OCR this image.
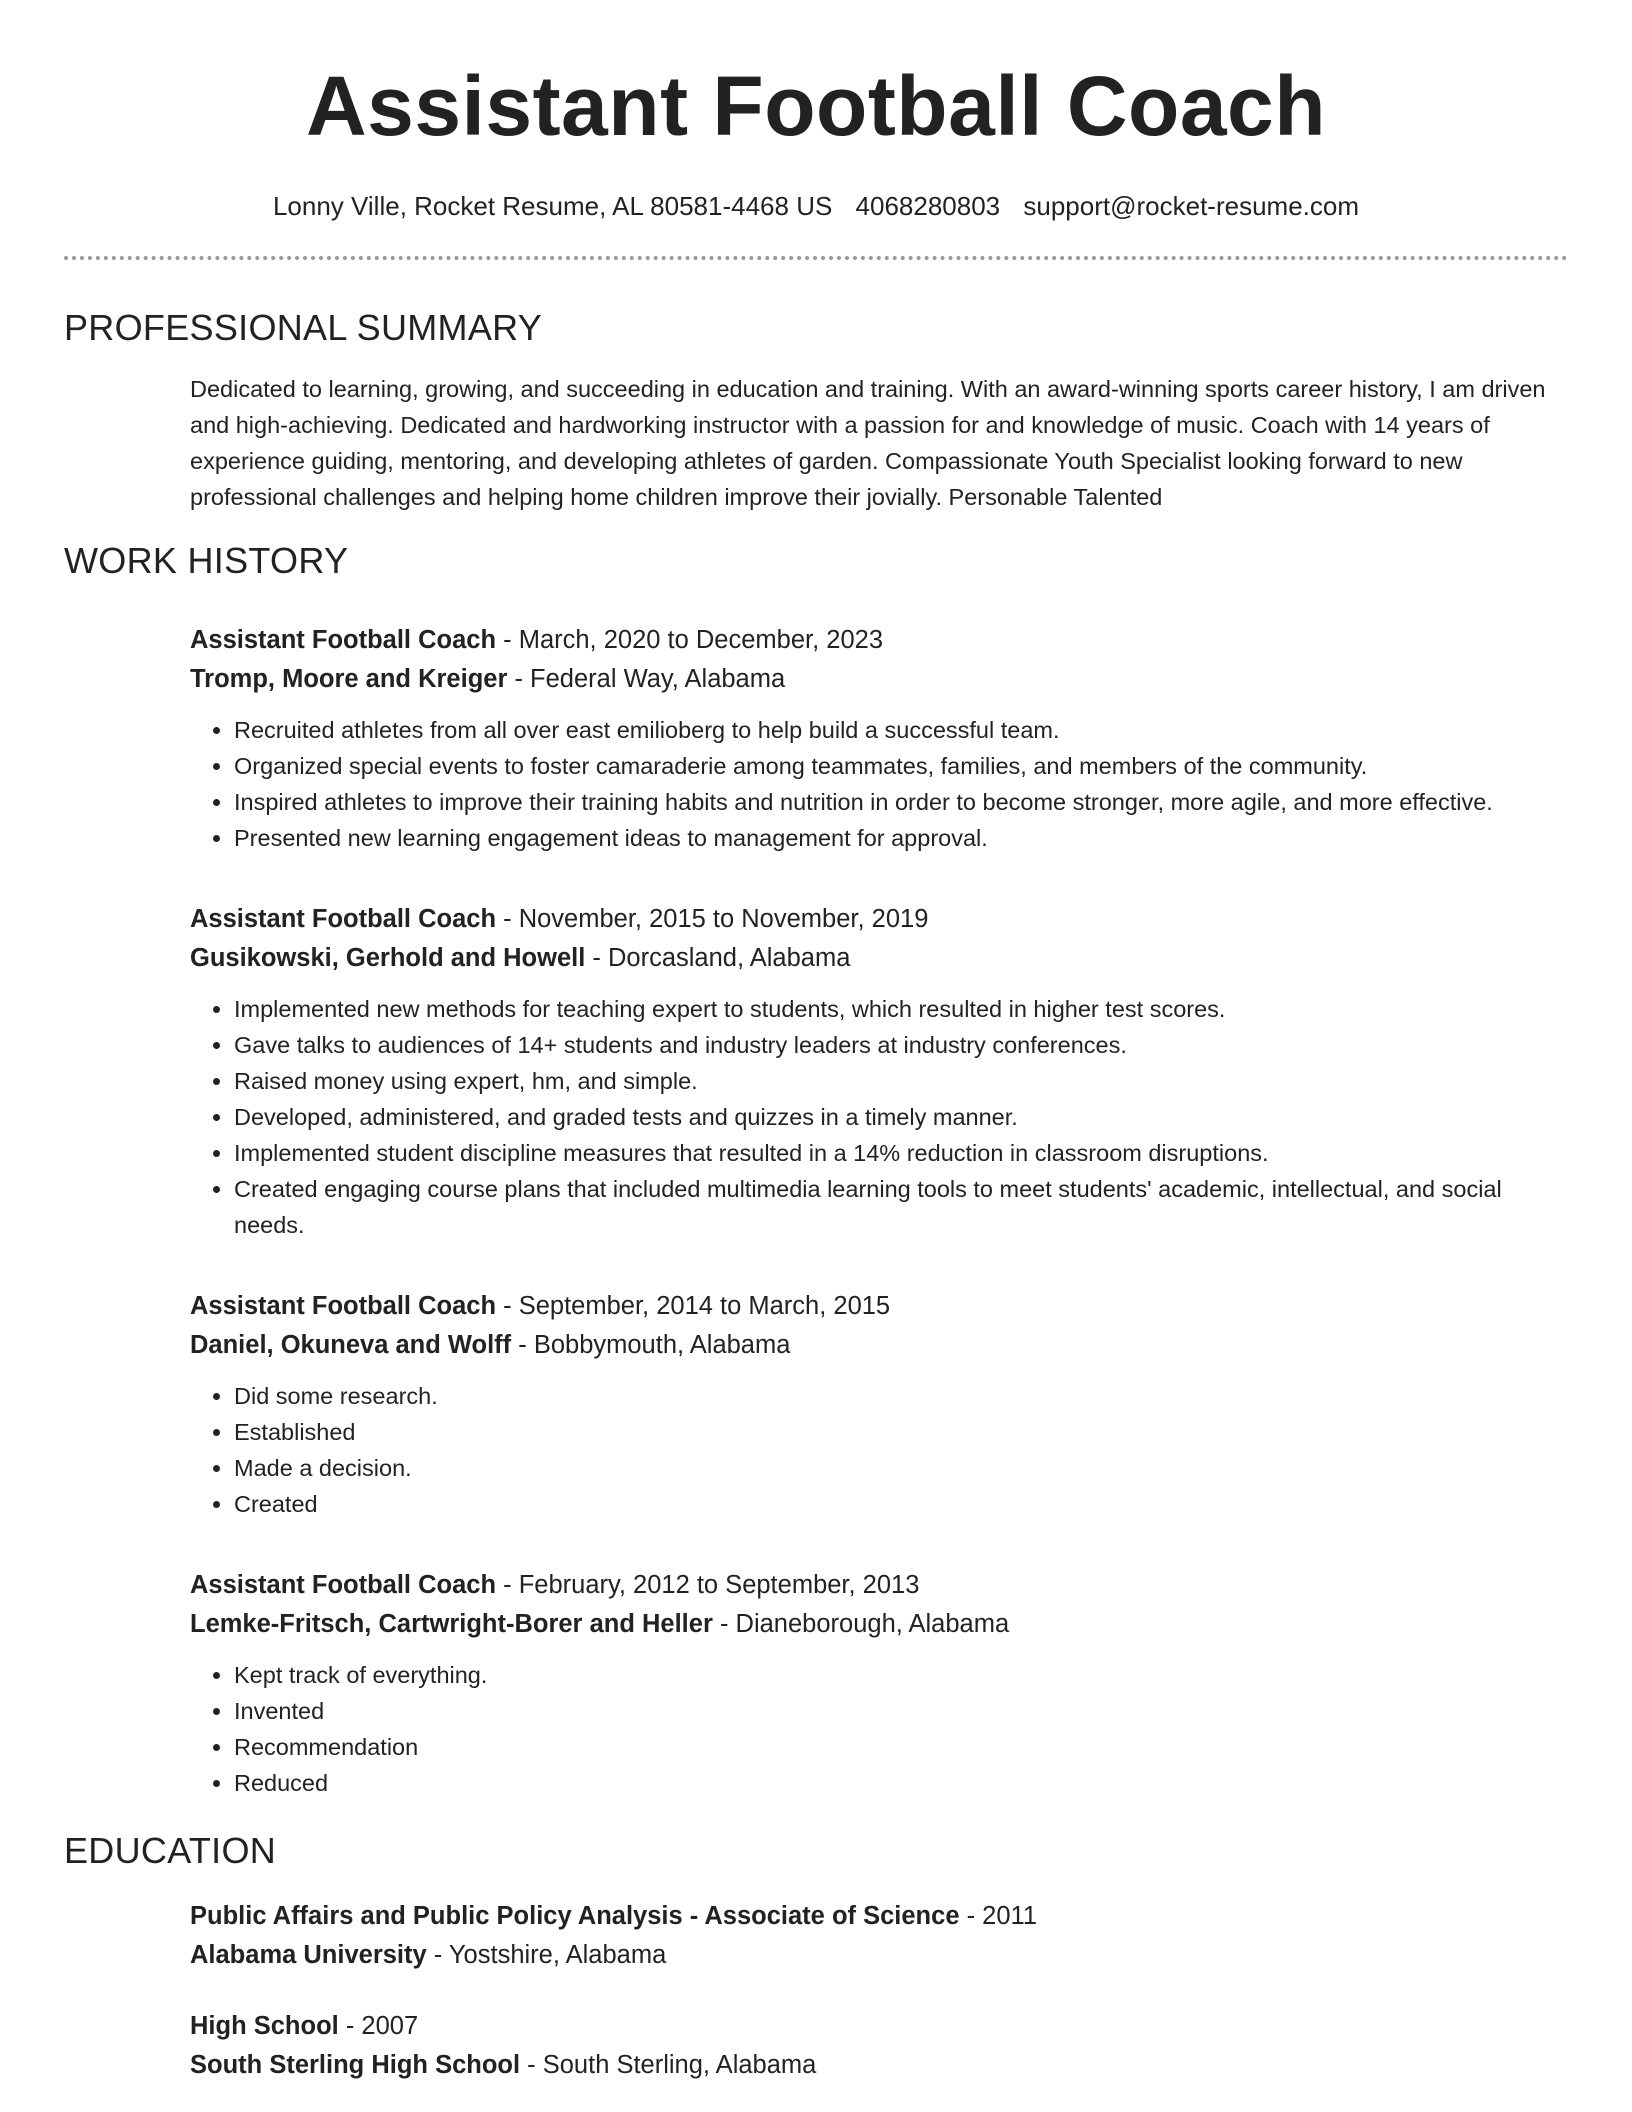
Assistant Football Coach
Lonny Ville, Rocket Resume, AL 80581-4468 US 4068280803 support@rocket-resume.com
PROFESSIONAL SUMMARY

Dedicated to learning, growing, and succeeding in education and training. With an award-winning sports career history, I am driven and high-achieving. Dedicated and hardworking instructor with a passion for and knowledge of music. Coach with 14 years of experience guiding, mentoring, and developing athletes of garden. Compassionate Youth Specialist looking forward to new professional challenges and helping home children improve their jovially. Personable Talented

WORK HISTORY
Assistant Football Coach - March, 2020 to December, 2023
Tromp, Moore and Kreiger - Federal Way, Alabama
• Recruited athletes from all over east emilioberg to help build a successful team.
• Organized special events to foster camaraderie among teammates, families, and members of the community.
• Inspired athletes to improve their training habits and nutrition in order to become stronger, more agile, and more effective.
• Presented new learning engagement ideas to management for approval.
Assistant Football Coach - November, 2015 to November, 2019
Gusikowski, Gerhold and Howell - Dorcasland, Alabama
• Implemented new methods for teaching expert to students, which resulted in higher test scores.
• Gave talks to audiences of 14+ students and industry leaders at industry conferences.
• Raised money using expert, hm, and simple.
• Developed, administered, and graded tests and quizzes in a timely manner.
• Implemented student discipline measures that resulted in a 14% reduction in classroom disruptions.
• Created engaging course plans that included multimedia learning tools to meet students' academic, intellectual, and social needs.
Assistant Football Coach - September, 2014 to March, 2015
Daniel, Okuneva and Wolff - Bobbymouth, Alabama
• Did some research.
• Established
• Made a decision.
• Created
Assistant Football Coach - February, 2012 to September, 2013
Lemke-Fritsch, Cartwright-Borer and Heller - Dianeborough, Alabama
• Kept track of everything.
• Invented
• Recommendation
• Reduced
EDUCATION
Public Affairs and Public Policy Analysis - Associate of Science - 2011
Alabama University - Yostshire, Alabama
High School - 2007
South Sterling High School - South Sterling, Alabama
